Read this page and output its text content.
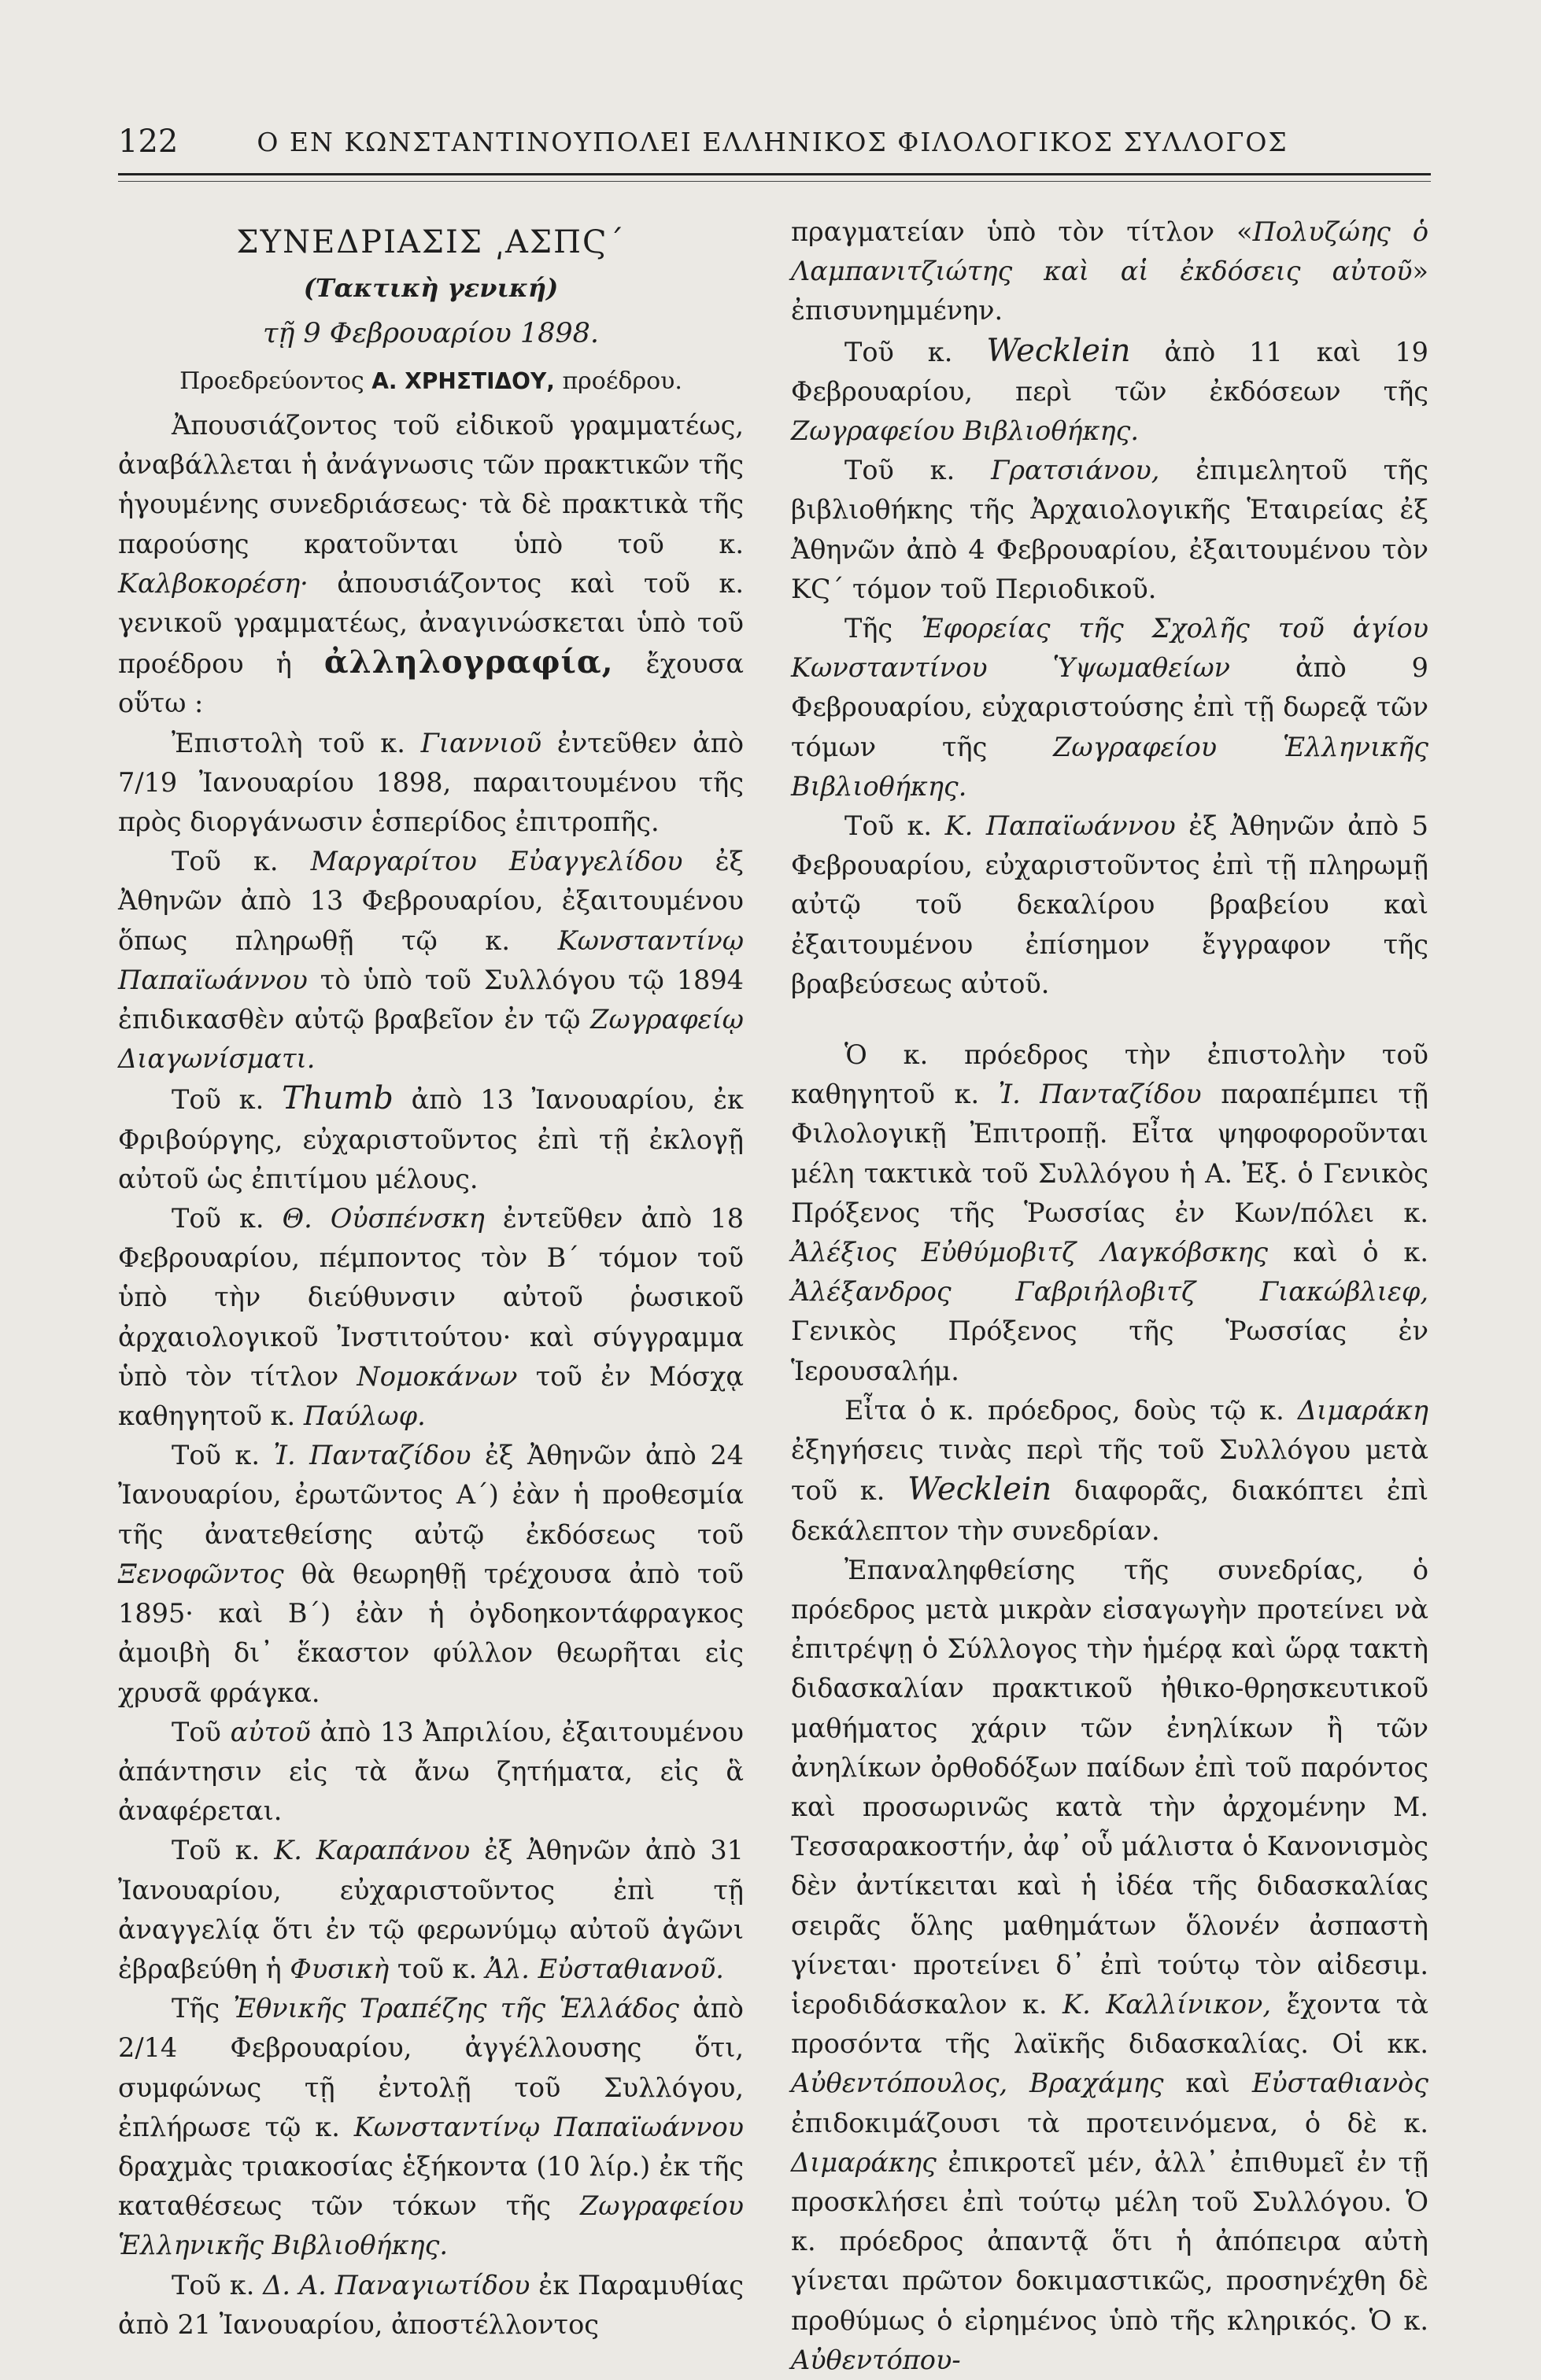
122	Ο ΕΝ ΚΩΝΣΤΑΝΤΙΝΟΥΠΟΛΕΙ ΕΛΛΗΝΙΚΟΣ ΦΙΛΟΛΟΓΙΚΟΣ ΣΥΛΛΟΓΟΣ
ΣΥΝΕΔΡΙΑΣΙΣ ͵ΑΣΠϚ΄
(Τακτικὴ γενική)
τῇ 9 Φεβρουαρίου 1898.
Προεδρεύοντος Α. ΧΡΗΣΤΙΔΟΥ, προέδρου.

Ἀπουσιάζοντος τοῦ εἰδικοῦ γραμματέως, ἀναβάλλεται ἡ ἀνάγνωσις τῶν πρακτικῶν τῆς ἡγουμένης συνεδριάσεως· τὰ δὲ πρακτικὰ τῆς παρούσης κρατοῦνται ὑπὸ τοῦ κ. Καλβοκορέση· ἀπουσιάζοντος καὶ τοῦ κ. γενικοῦ γραμματέως, ἀναγινώσκεται ὑπὸ τοῦ προέδρου ἡ ἀλληλογραφία, ἔχουσα οὕτω :

Ἐπιστολὴ τοῦ κ. Γιαννιοῦ ἐντεῦθεν ἀπὸ 7/19 Ἰανουαρίου 1898, παραιτουμένου τῆς πρὸς διοργάνωσιν ἑσπερίδος ἐπιτροπῆς.

Τοῦ κ. Μαργαρίτου Εὐαγγελίδου ἐξ Ἀθηνῶν ἀπὸ 13 Φεβρουαρίου, ἐξαιτουμένου ὅπως πληρωθῇ τῷ κ. Κωνσταντίνῳ Παπαϊωάννου τὸ ὑπὸ τοῦ Συλλόγου τῷ 1894 ἐπιδικασθὲν αὐτῷ βραβεῖον ἐν τῷ Ζωγραφείῳ Διαγωνίσματι.

Τοῦ κ. Thumb ἀπὸ 13 Ἰανουαρίου, ἐκ Φριβούργης, εὐχαριστοῦντος ἐπὶ τῇ ἐκλογῇ αὐτοῦ ὡς ἐπιτίμου μέλους.

Τοῦ κ. Θ. Οὐσπένσκη ἐντεῦθεν ἀπὸ 18 Φεβρουαρίου, πέμποντος τὸν Β΄ τόμον τοῦ ὑπὸ τὴν διεύθυνσιν αὐτοῦ ῥωσικοῦ ἀρχαιολογικοῦ Ἰνστιτούτου· καὶ σύγγραμμα ὑπὸ τὸν τίτλον Νομοκάνων τοῦ ἐν Μόσχᾳ καθηγητοῦ κ. Παύλωφ.

Τοῦ κ. Ἰ. Πανταζίδου ἐξ Ἀθηνῶν ἀπὸ 24 Ἰανουαρίου, ἐρωτῶντος Α΄) ἐὰν ἡ προθεσμία τῆς ἀνατεθείσης αὐτῷ ἐκδόσεως τοῦ Ξενοφῶντος θὰ θεωρηθῇ τρέχουσα ἀπὸ τοῦ 1895· καὶ Β΄) ἐὰν ἡ ὀγδοηκοντάφραγκος ἀμοιβὴ δι᾽ ἕκαστον φύλλον θεωρῆται εἰς χρυσᾶ φράγκα.

Τοῦ αὐτοῦ ἀπὸ 13 Ἀπριλίου, ἐξαιτουμένου ἀπάντησιν εἰς τὰ ἄνω ζητήματα, εἰς ἃ ἀναφέρεται.

Τοῦ κ. Κ. Καραπάνου ἐξ Ἀθηνῶν ἀπὸ 31 Ἰανουαρίου, εὐχαριστοῦντος ἐπὶ τῇ ἀναγγελίᾳ ὅτι ἐν τῷ φερωνύμῳ αὐτοῦ ἀγῶνι ἐβραβεύθη ἡ Φυσικὴ τοῦ κ. Ἀλ. Εὐσταθιανοῦ.

Τῆς Ἐθνικῆς Τραπέζης τῆς Ἑλλάδος ἀπὸ 2/14 Φεβρουαρίου, ἀγγέλλουσης ὅτι, συμφώνως τῇ ἐντολῇ τοῦ Συλλόγου, ἐπλήρωσε τῷ κ. Κωνσταντίνῳ Παπαϊωάννου δραχμὰς τριακοσίας ἑξήκοντα (10 λίρ.) ἐκ τῆς καταθέσεως τῶν τόκων τῆς Ζωγραφείου Ἑλληνικῆς Βιβλιοθήκης.

Τοῦ κ. Δ. Α. Παναγιωτίδου ἐκ Παραμυθίας ἀπὸ 21 Ἰανουαρίου, ἀποστέλλοντος

πραγματείαν ὑπὸ τὸν τίτλον «Πολυζώης ὁ Λαμπανιτζιώτης καὶ αἱ ἐκδόσεις αὐτοῦ» ἐπισυνημμένην.

Τοῦ κ. Wecklein ἀπὸ 11 καὶ 19 Φεβρουαρίου, περὶ τῶν ἐκδόσεων τῆς Ζωγραφείου Βιβλιοθήκης.

Τοῦ κ. Γρατσιάνου, ἐπιμελητοῦ τῆς βιβλιοθήκης τῆς Ἀρχαιολογικῆς Ἑταιρείας ἐξ Ἀθηνῶν ἀπὸ 4 Φεβρουαρίου, ἐξαιτουμένου τὸν ΚϚ΄ τόμον τοῦ Περιοδικοῦ.

Τῆς Ἐφορείας τῆς Σχολῆς τοῦ ἁγίου Κωνσταντίνου Ὑψωμαθείων ἀπὸ 9 Φεβρουαρίου, εὐχαριστούσης ἐπὶ τῇ δωρεᾷ τῶν τόμων τῆς	Ζωγραφείου Ἑλληνικῆς Βιβλιοθήκης.

Τοῦ κ. Κ. Παπαϊωάννου ἐξ Ἀθηνῶν ἀπὸ 5 Φεβρουαρίου, εὐχαριστοῦντος ἐπὶ τῇ πληρωμῇ αὐτῷ τοῦ δεκαλίρου βραβείου καὶ ἐξαιτουμένου ἐπίσημον ἔγγραφον τῆς βραβεύσεως αὐτοῦ.

Ὁ κ. πρόεδρος τὴν ἐπιστολὴν τοῦ καθηγητοῦ κ. Ἰ. Πανταζίδου παραπέμπει τῇ Φιλολογικῇ Ἐπιτροπῇ. Εἶτα ψηφοφοροῦνται μέλη τακτικὰ τοῦ Συλλόγου ἡ Α. Ἐξ. ὁ Γενικὸς Πρόξενος τῆς Ῥωσσίας ἐν Κων/πόλει κ. Ἀλέξιος Εὐθύμοβιτζ Λαγκόβσκης καὶ ὁ κ. Ἀλέξανδρος Γαβριήλοβιτζ Γιακώβλιεφ, Γενικὸς Πρόξενος τῆς Ῥωσσίας ἐν Ἱερουσαλήμ.

Εἶτα ὁ κ. πρόεδρος, δοὺς τῷ κ. Διμαράκη ἐξηγήσεις τινὰς περὶ τῆς τοῦ Συλλόγου μετὰ τοῦ κ. Wecklein διαφορᾶς, διακόπτει ἐπὶ δεκάλεπτον τὴν συνεδρίαν.

Ἐπαναληφθείσης τῆς συνεδρίας, ὁ πρόεδρος μετὰ μικρὰν εἰσαγωγὴν προτείνει νὰ ἐπιτρέψῃ ὁ Σύλλογος τὴν ἡμέρᾳ καὶ ὥρᾳ τακτὴ διδασκαλίαν πρακτικοῦ ἠθικο-θρησκευτικοῦ μαθήματος χάριν τῶν ἐνηλίκων ἢ τῶν ἀνηλίκων ὀρθοδόξων παίδων ἐπὶ τοῦ παρόντος καὶ προσωρινῶς κατὰ τὴν ἀρχομένην Μ. Τεσσαρακοστήν, ἀφ᾽ οὗ μάλιστα ὁ Κανονισμὸς δὲν ἀντίκειται καὶ ἡ ἰδέα τῆς διδασκαλίας σειρᾶς ὅλης μαθημάτων ὅλονέν ἀσπαστὴ γίνεται· προτείνει δ᾽ ἐπὶ τούτῳ τὸν αἰδεσιμ. ἱεροδιδάσκαλον κ. Κ. Καλλίνικον, ἔχοντα τὰ προσόντα τῆς λαϊκῆς διδασκαλίας. Οἱ κκ. Αὐθεντόπουλος, Βραχάμης καὶ Εὐσταθιανὸς ἐπιδοκιμάζουσι τὰ προτεινόμενα, ὁ δὲ κ. Διμαράκης ἐπικροτεῖ μέν, ἀλλ᾽ ἐπιθυμεῖ ἐν τῇ προσκλήσει ἐπὶ τούτῳ μέλη τοῦ Συλλόγου. Ὁ κ. πρόεδρος ἀπαντᾷ ὅτι ἡ ἀπόπειρα αὐτὴ γίνεται πρῶτον δοκιμαστικῶς, προσηνέχθη δὲ προθύμως ὁ εἰρημένος ὑπὸ τῆς κληρικός. Ὁ κ. Αὐθεντόπου-
